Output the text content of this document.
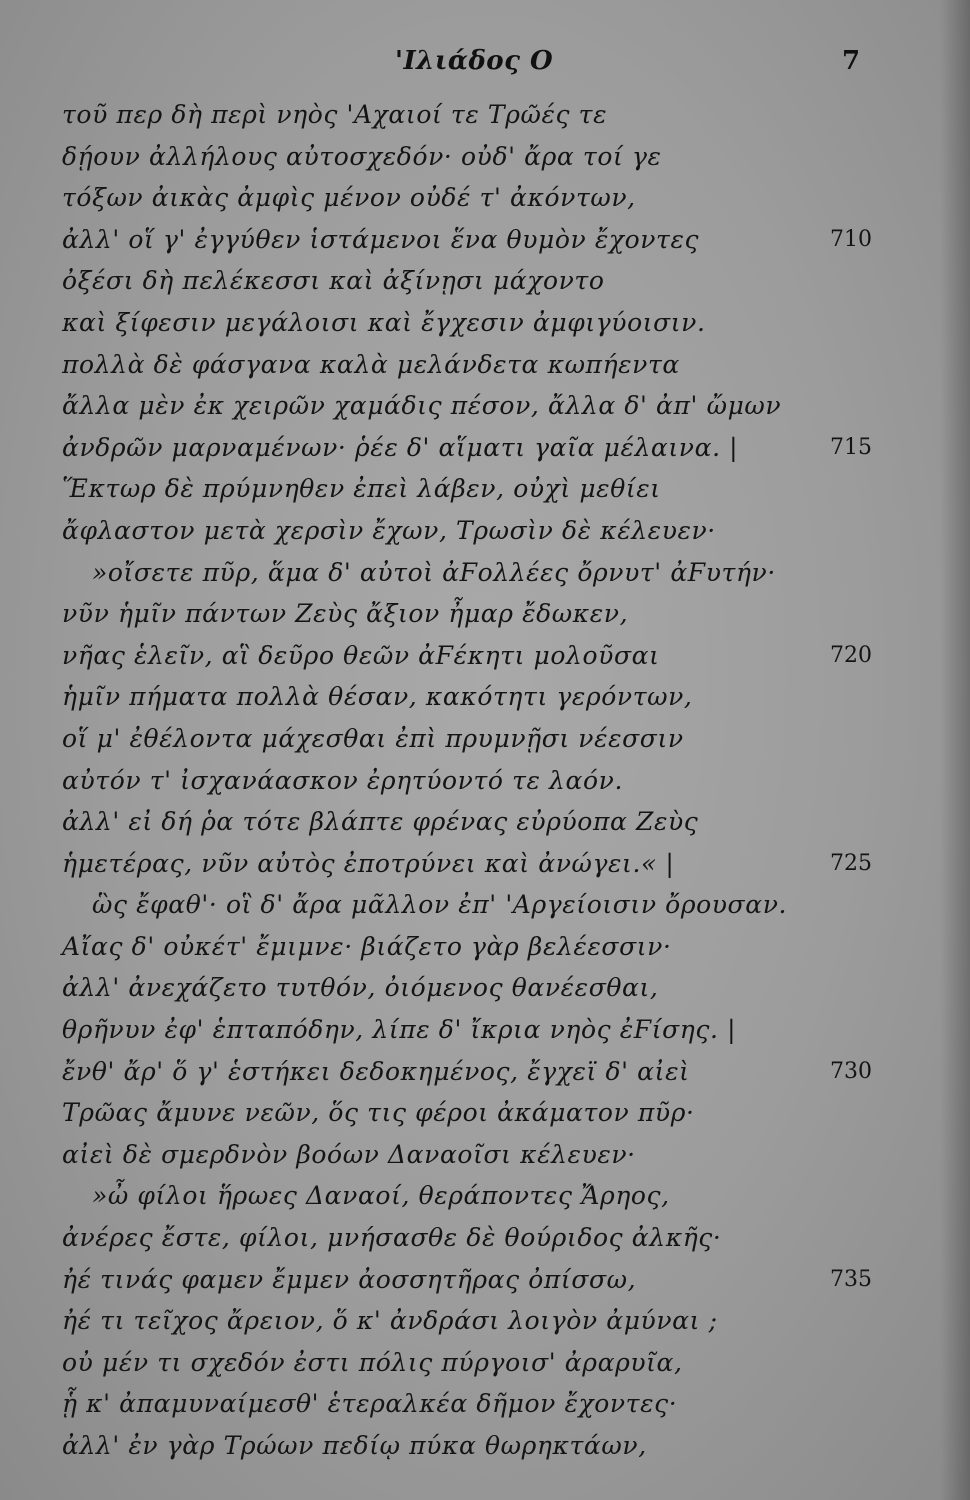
'Ιλιάδος Ο	7
τοῦ περ δὴ περὶ νηὸς 'Αχαιοί τε Τρῶές τε
δῄουν ἀλλήλους αὐτοσχεδόν· οὐδ' ἄρα τοί γε
τόξων ἀικὰς ἀμφὶς μένον οὐδέ τ' ἀκόντων,
ἀλλ' οἵ γ' ἐγγύθεν ἱστάμενοι ἕνα θυμὸν ἔχοντες	710
ὀξέσι δὴ πελέκεσσι καὶ ἀξίνῃσι μάχοντο
καὶ ξίφεσιν μεγάλοισι καὶ ἔγχεσιν ἀμφιγύοισιν.
πολλὰ δὲ φάσγανα καλὰ μελάνδετα κωπήεντα
ἄλλα μὲν ἐκ χειρῶν χαμάδις πέσον, ἄλλα δ' ἀπ' ὤμων
ἀνδρῶν μαρναμένων· ῥέε δ' αἵματι γαῖα μέλαινα. |	715
Ἕκτωρ δὲ πρύμνηθεν ἐπεὶ λάβεν, οὐχὶ μεθίει
ἄφλαστον μετὰ χερσὶν ἔχων, Τρωσὶν δὲ κέλευεν·
»οἴσετε πῦρ, ἅμα δ' αὐτοὶ ἀϜολλέες ὄρνυτ' ἀϜυτήν·
νῦν ἡμῖν πάντων Ζεὺς ἄξιον ἦμαρ ἔδωκεν,
νῆας ἑλεῖν, αἳ δεῦρο θεῶν ἀϜέκητι μολοῦσαι	720
ἡμῖν πήματα πολλὰ θέσαν, κακότητι γερόντων,
οἵ μ' ἐθέλοντα μάχεσθαι ἐπὶ πρυμνῇσι νέεσσιν
αὐτόν τ' ἰσχανάασκον ἐρητύοντό τε λαόν.
ἀλλ' εἰ δή ῥα τότε βλάπτε φρένας εὐρύοπα Ζεὺς
ἡμετέρας, νῦν αὐτὸς ἐποτρύνει καὶ ἀνώγει.« |	725
ὣς ἔφαθ'· οἳ δ' ἄρα μᾶλλον ἐπ' 'Αργείοισιν ὄρουσαν.
Αἴας δ' οὐκέτ' ἔμιμνε· βιάζετο γὰρ βελέεσσιν·
ἀλλ' ἀνεχάζετο τυτθόν, ὀιόμενος θανέεσθαι,
θρῆνυν ἐφ' ἑπταπόδην, λίπε δ' ἴκρια νηὸς ἐϜίσης. |
ἔνθ' ἄρ' ὅ γ' ἑστήκει δεδοκημένος, ἔγχεϊ δ' αἰεὶ	730
Τρῶας ἄμυνε νεῶν, ὅς τις φέροι ἀκάματον πῦρ·
αἰεὶ δὲ σμερδνὸν βοόων Δαναοῖσι κέλευεν·
»ὦ φίλοι ἥρωες Δαναοί, θεράποντες Ἄρηος,
ἀνέρες ἔστε, φίλοι, μνήσασθε δὲ θούριδος ἀλκῆς·
ἠέ τινάς φαμεν ἔμμεν ἀοσσητῆρας ὀπίσσω,	735
ἠέ τι τεῖχος ἄρειον, ὅ κ' ἀνδράσι λοιγὸν ἀμύναι ;
οὐ μέν τι σχεδόν ἐστι πόλις πύργοισ' ἀραρυῖα,
ᾗ κ' ἀπαμυναίμεσθ' ἑτεραλκέα δῆμον ἔχοντες·
ἀλλ' ἐν γὰρ Τρώων πεδίῳ πύκα θωρηκτάων,
